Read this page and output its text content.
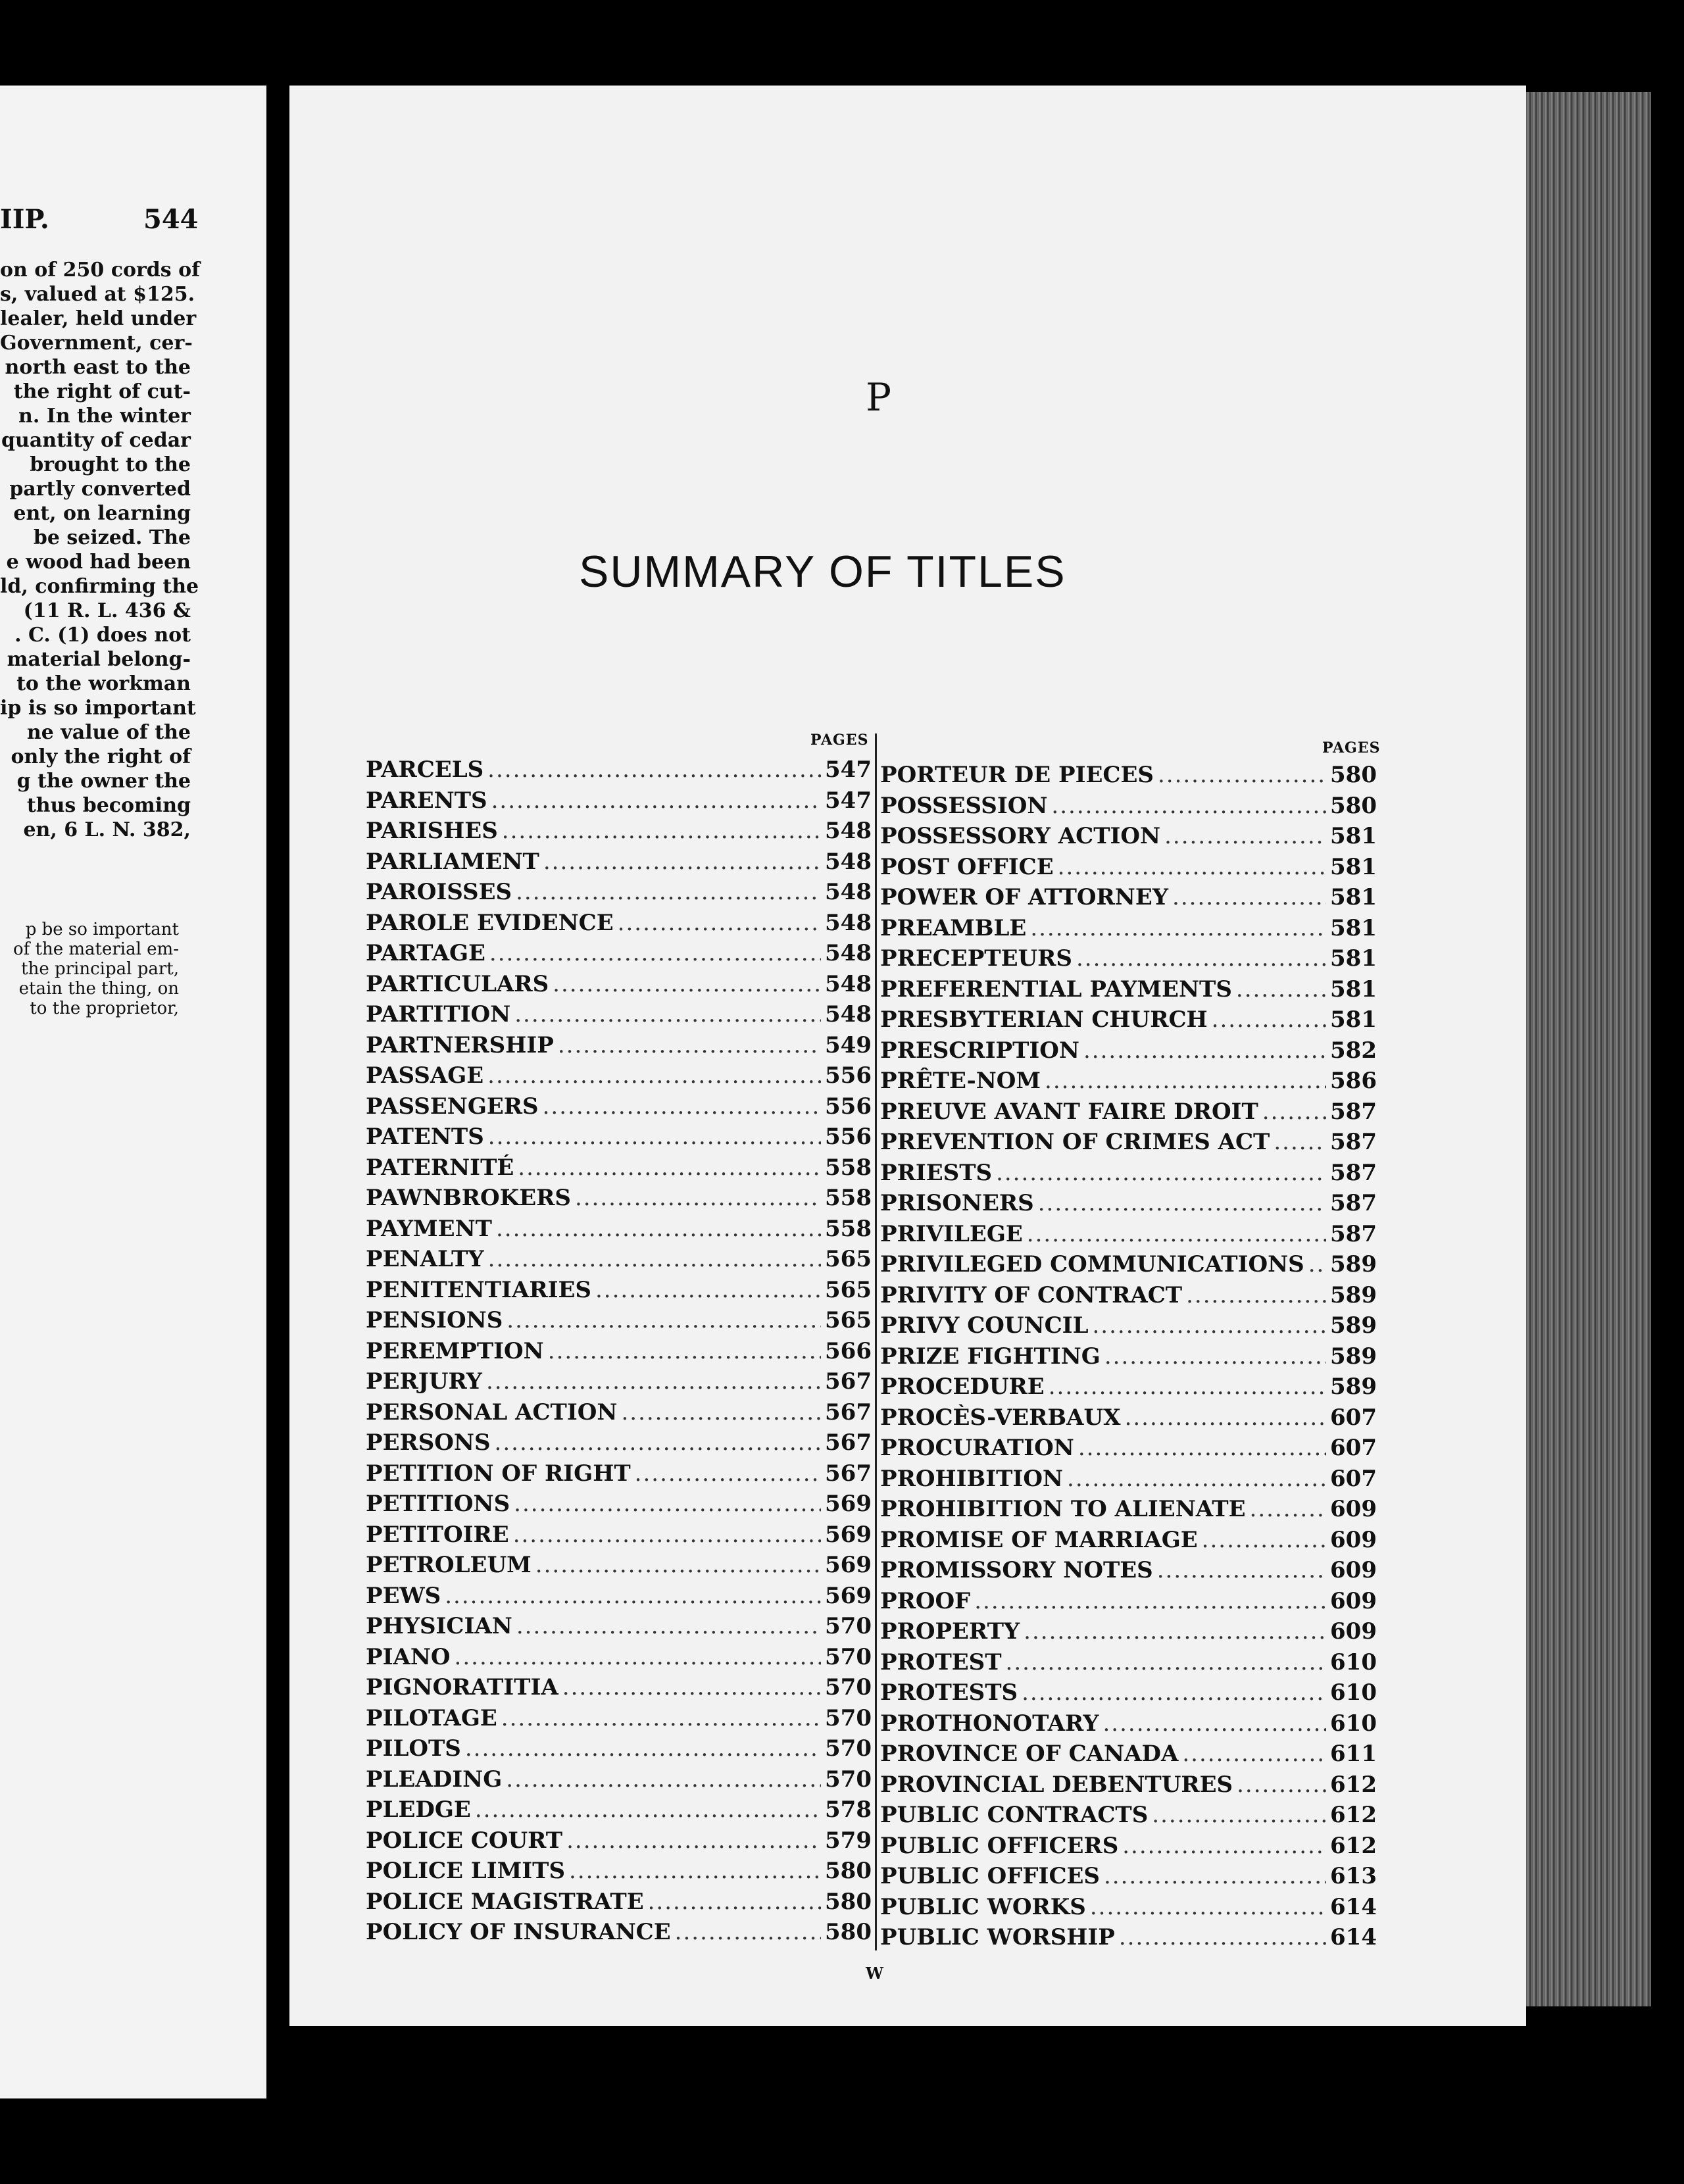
IIP.	544
on of 250 cords of
s, valued at $125.
lealer, held under
Government, cer-
north east to the
the right of cut-
n. In the winter
quantity of cedar
brought to the
partly converted
ent, on learning
be seized. The
e wood had been
ld, confirming the
(11 R. L. 436 &
. C. (1) does not
material belong-
to the workman
ip is so important
ne value of the
only the right of
g the owner the
thus becoming
en, 6 L. N. 382,
p be so important
of the material em-
the principal part,
etain the thing, on
to the proprietor,
P
SUMMARY OF TITLES
PAGES	PAGES
PARCELS .....	547
PARENTS .....	547
PARISHES .....	548
PARLIAMENT .....	548
PAROISSES .....	548
PAROLE EVIDENCE .....	548
PARTAGE .....	548
PARTICULARS .....	548
PARTITION .....	548
PARTNERSHIP .....	549
PASSAGE .....	556
PASSENGERS .....	556
PATENTS .....	556
PATERNITÉ .....	558
PAWNBROKERS .....	558
PAYMENT .....	558
PENALTY .....	565
PENITENTIARIES .....	565
PENSIONS .....	565
PEREMPTION .....	566
PERJURY .....	567
PERSONAL ACTION .....	567
PERSONS .....	567
PETITION OF RIGHT .....	567
PETITIONS .....	569
PETITOIRE .....	569
PETROLEUM .....	569
PEWS .....	569
PHYSICIAN .....	570
PIANO .....	570
PIGNORATITIA .....	570
PILOTAGE .....	570
PILOTS .....	570
PLEADING .....	570
PLEDGE .....	578
POLICE COURT .....	579
POLICE LIMITS .....	580
POLICE MAGISTRATE .....	580
POLICY OF INSURANCE .....	580
PORTEUR DE PIECES .....	580
POSSESSION .....	580
POSSESSORY ACTION .....	581
POST OFFICE .....	581
POWER OF ATTORNEY .....	581
PREAMBLE .....	581
PRECEPTEURS .....	581
PREFERENTIAL PAYMENTS .....	581
PRESBYTERIAN CHURCH .....	581
PRESCRIPTION .....	582
PRÊTE-NOM .....	586
PREUVE AVANT FAIRE DROIT .....	587
PREVENTION OF CRIMES ACT .....	587
PRIESTS .....	587
PRISONERS .....	587
PRIVILEGE .....	587
PRIVILEGED COMMUNICATIONS ..... 589
PRIVITY OF CONTRACT .....	589
PRIVY COUNCIL .....	589
PRIZE FIGHTING .....	589
PROCEDURE .....	589
PROCÈS-VERBAUX .....	607
PROCURATION .....	607
PROHIBITION .....	607
PROHIBITION TO ALIENATE .....	609
PROMISE OF MARRIAGE .....	609
PROMISSORY NOTES .....	609
PROOF .....	609
PROPERTY .....	609
PROTEST .....	610
PROTESTS .....	610
PROTHONOTARY .....	610
PROVINCE OF CANADA .....	611
PROVINCIAL DEBENTURES .....	612
PUBLIC CONTRACTS .....	612
PUBLIC OFFICERS .....	612
PUBLIC OFFICES .....	613
PUBLIC WORKS .....	614
PUBLIC WORSHIP .....	614
W
